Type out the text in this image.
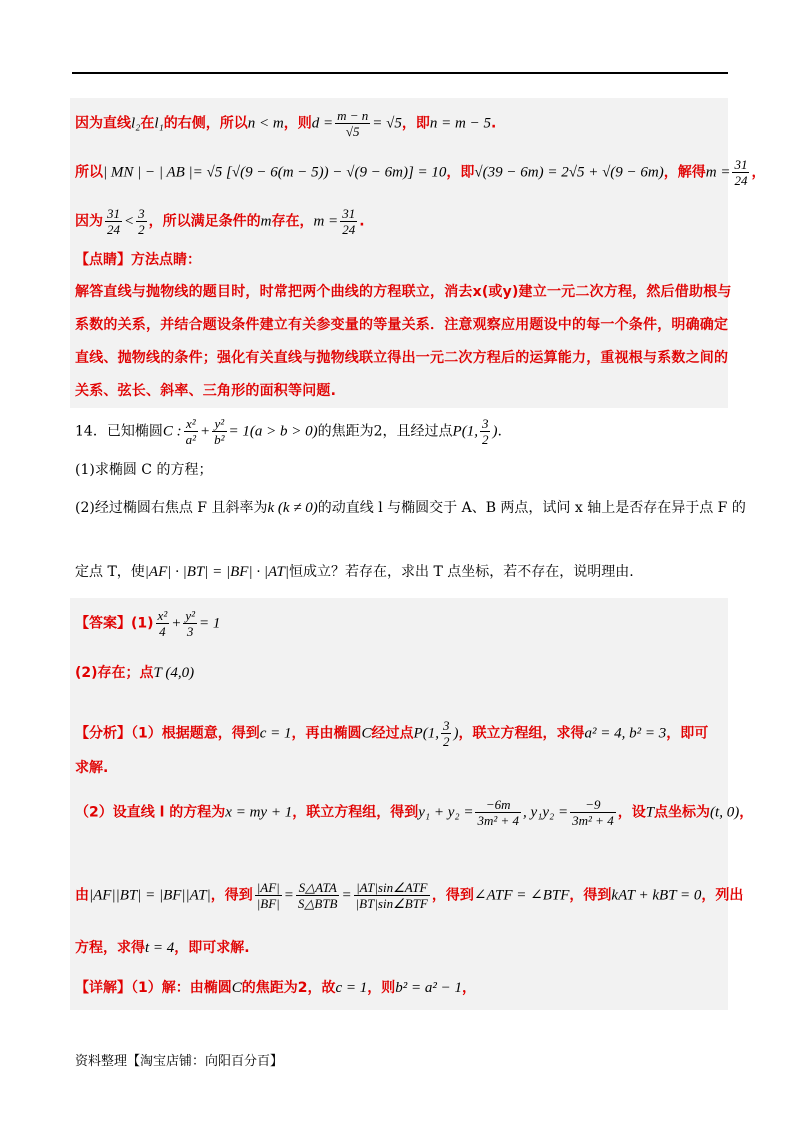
因为直线l₂在l₁的右侧，所以n < m，则$d = \frac{m - n}{√5} = √5$，即n = m − 5.
所以| MN | − | AB |= √5 [√(9 − 6(m − 5)) − √(9 − 6m)] = 10，即√(39 − 6m) = 2√5 + √(9 − 6m)，解得$m = \frac{31}{24}$ ，
因为 $\frac{31}{24} < \frac{3}{2}$ ，所以满足条件的m存在，$m = \frac{31}{24}$ .
【点睛】方法点睛：
解答直线与抛物线的题目时，时常把两个曲线的方程联立，消去x(或y)建立一元二次方程，然后借助根与
系数的关系，并结合题设条件建立有关参变量的等量关系．注意观察应用题设中的每一个条件，明确确定
直线、抛物线的条件；强化有关直线与抛物线联立得出一元二次方程后的运算能力，重视根与系数之间的
关系、弦长、斜率、三角形的面积等问题.
14．已知椭圆C : $\frac{\text{x²}}{\text{a²}} + \frac{\text{y²}}{\text{b²}} = 1(a > b > 0)$的焦距为2，且经过点P(1, $\frac{3}{2}$ ).
(1)求椭圆 C 的方程；
(2)经过椭圆右焦点 F 且斜率为k (k ≠ 0)的动直线 l 与椭圆交于 A、B 两点，试问 x 轴上是否存在异于点 F 的
定点 T，使|AF| · |BT| = |BF| · |AT|恒成立？若存在，求出 T 点坐标，若不存在，说明理由.
【答案】$(1) \frac{\text{x²}}{4} + \frac{\text{y²}}{3} = 1$
(2)存在；点T (4,0)
【分析】（1）根据题意，得到c = 1，再由椭圆C经过点P(1, $\frac{3}{2}$ )，联立方程组，求得a² = 4, b² = 3，即可
求解.
（2）设直线 l 的方程为x = my + 1，联立方程组，得到$y_1 + y_2 = \frac{-6m}{\text{3m² + 4}}$ , $y_1y_2 = \frac{-9}{\text{3m² + 4}}$ ，设T点坐标为(t, 0)，
由|AF||BT| = |BF||AT|，得到 $\frac{|AF|}{|BF|} = \frac{\text{S△ATA}}{\text{S△BTB}} = \frac{\text{|AT|sin∠ATF}}{\text{|BT|sin∠BTF}}$ ，得到∠ATF = ∠BTF，得到kAT + kBT = 0，列出
方程，求得t = 4，即可求解.
【详解】（1）解：由椭圆C的焦距为2，故c = 1，则b² = a² − 1，
资料整理【淘宝店铺：向阳百分百】
